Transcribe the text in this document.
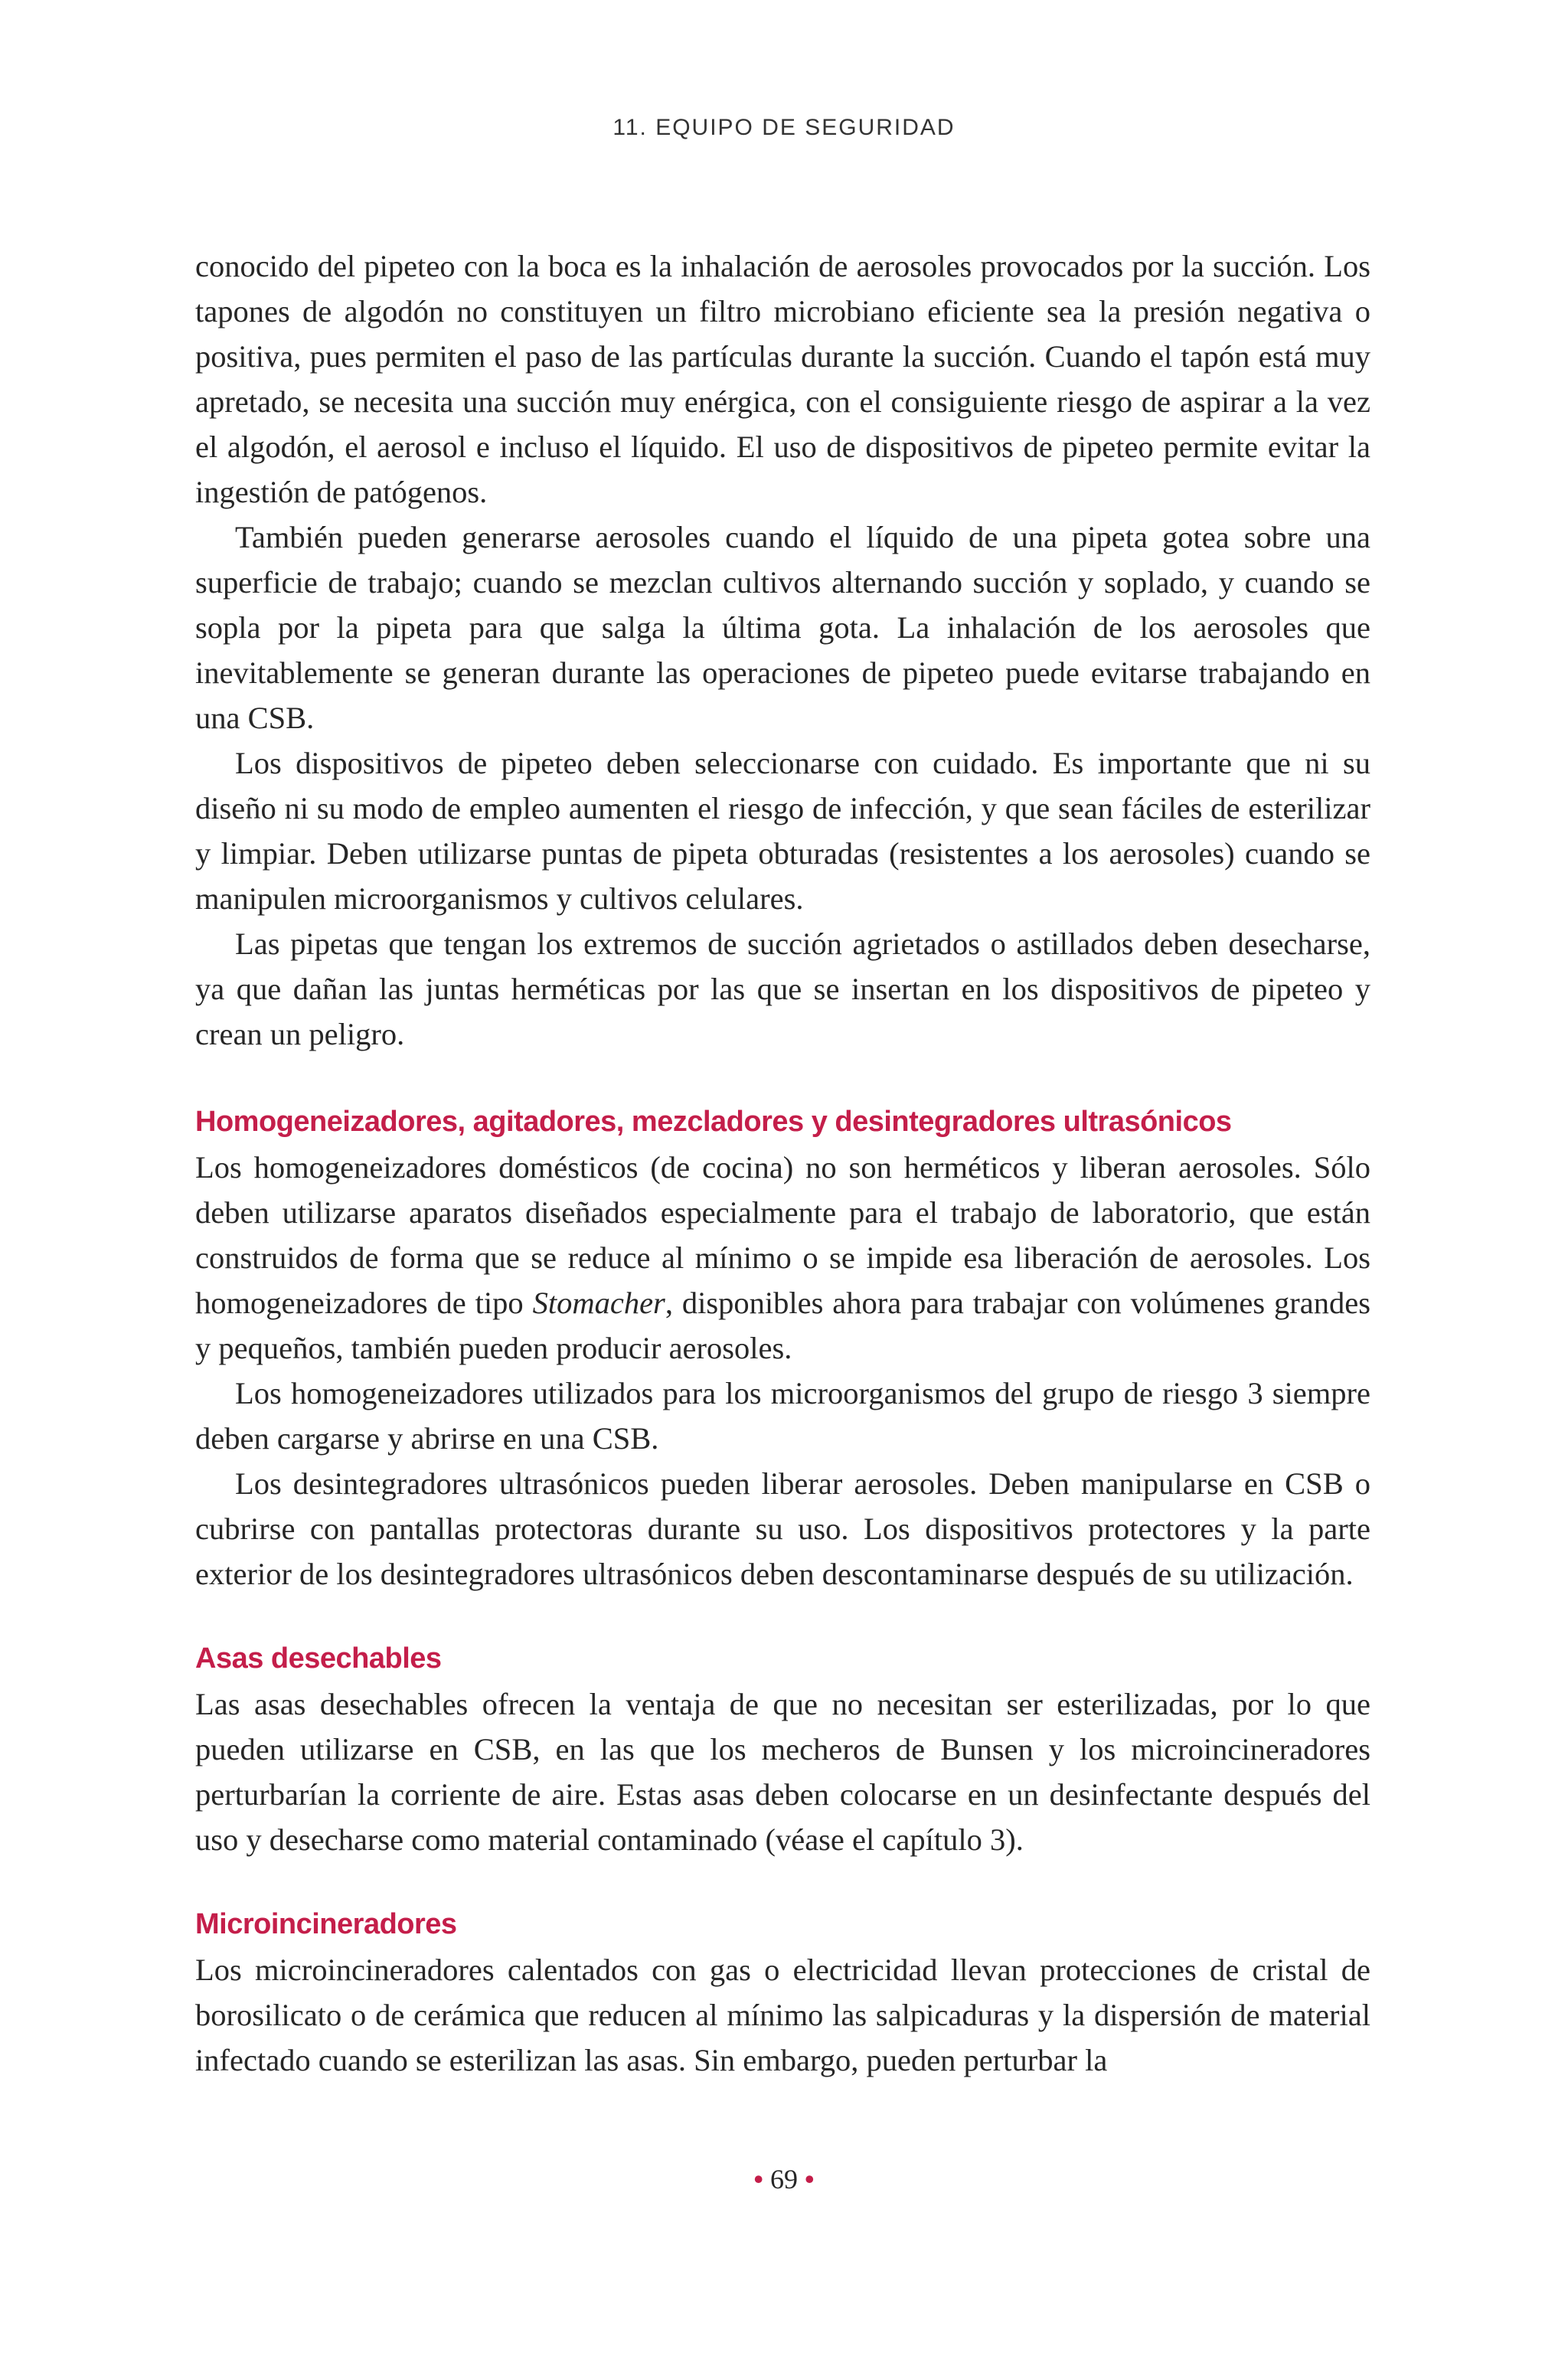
11. EQUIPO DE SEGURIDAD

conocido del pipeteo con la boca es la inhalación de aerosoles provocados por la succión. Los tapones de algodón no constituyen un filtro microbiano eficiente sea la presión negativa o positiva, pues permiten el paso de las partículas durante la succión. Cuando el tapón está muy apretado, se necesita una succión muy enérgica, con el consiguiente riesgo de aspirar a la vez el algodón, el aerosol e incluso el líquido. El uso de dispositivos de pipeteo permite evitar la ingestión de patógenos.

También pueden generarse aerosoles cuando el líquido de una pipeta gotea sobre una superficie de trabajo; cuando se mezclan cultivos alternando succión y soplado, y cuando se sopla por la pipeta para que salga la última gota. La inhalación de los aerosoles que inevitablemente se generan durante las operaciones de pipeteo puede evitarse trabajando en una CSB.

Los dispositivos de pipeteo deben seleccionarse con cuidado. Es importante que ni su diseño ni su modo de empleo aumenten el riesgo de infección, y que sean fáciles de esterilizar y limpiar. Deben utilizarse puntas de pipeta obturadas (resistentes a los aerosoles) cuando se manipulen microorganismos y cultivos celulares.

Las pipetas que tengan los extremos de succión agrietados o astillados deben desecharse, ya que dañan las juntas herméticas por las que se insertan en los dispositivos de pipeteo y crean un peligro.

Homogeneizadores, agitadores, mezcladores y desintegradores ultrasónicos

Los homogeneizadores domésticos (de cocina) no son herméticos y liberan aerosoles. Sólo deben utilizarse aparatos diseñados especialmente para el trabajo de laboratorio, que están construidos de forma que se reduce al mínimo o se impide esa liberación de aerosoles. Los homogeneizadores de tipo Stomacher, disponibles ahora para trabajar con volúmenes grandes y pequeños, también pueden producir aerosoles.

Los homogeneizadores utilizados para los microorganismos del grupo de riesgo 3 siempre deben cargarse y abrirse en una CSB.

Los desintegradores ultrasónicos pueden liberar aerosoles. Deben manipularse en CSB o cubrirse con pantallas protectoras durante su uso. Los dispositivos protectores y la parte exterior de los desintegradores ultrasónicos deben descontaminarse después de su utilización.

Asas desechables

Las asas desechables ofrecen la ventaja de que no necesitan ser esterilizadas, por lo que pueden utilizarse en CSB, en las que los mecheros de Bunsen y los microincineradores perturbarían la corriente de aire. Estas asas deben colocarse en un desinfectante después del uso y desecharse como material contaminado (véase el capítulo 3).

Microincineradores

Los microincineradores calentados con gas o electricidad llevan protecciones de cristal de borosilicato o de cerámica que reducen al mínimo las salpicaduras y la dispersión de material infectado cuando se esterilizan las asas. Sin embargo, pueden perturbar la

• 69 •
